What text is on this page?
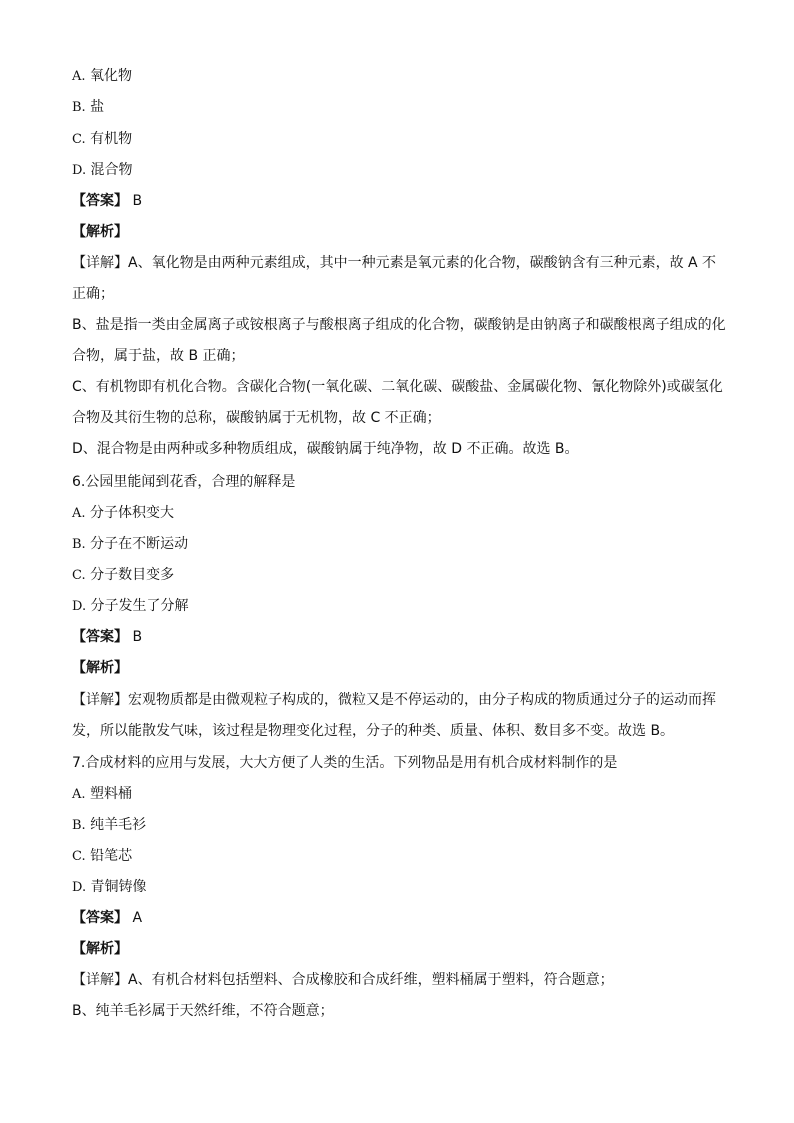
A. 氧化物
B. 盐
C. 有机物
D. 混合物
【答案】 B
【解析】
【详解】A、氧化物是由两种元素组成，其中一种元素是氧元素的化合物，碳酸钠含有三种元素，故 A 不
正确；
B、盐是指一类由金属离子或铵根离子与酸根离子组成的化合物，碳酸钠是由钠离子和碳酸根离子组成的化
合物，属于盐，故 B 正确；
C、有机物即有机化合物。含碳化合物(一氧化碳、二氧化碳、碳酸盐、金属碳化物、氰化物除外)或碳氢化
合物及其衍生物的总称，碳酸钠属于无机物，故 C 不正确；
D、混合物是由两种或多种物质组成，碳酸钠属于纯净物，故 D 不正确。故选 B。
6.公园里能闻到花香，合理的解释是
A. 分子体积变大
B. 分子在不断运动
C. 分子数目变多
D. 分子发生了分解
【答案】 B
【解析】
【详解】宏观物质都是由微观粒子构成的，微粒又是不停运动的，由分子构成的物质通过分子的运动而挥
发，所以能散发气味，该过程是物理变化过程，分子的种类、质量、体积、数目多不变。故选 B。
7.合成材料的应用与发展，大大方便了人类的生活。下列物品是用有机合成材料制作的是
A. 塑料桶
B. 纯羊毛衫
C. 铅笔芯
D. 青铜铸像
【答案】 A
【解析】
【详解】A、有机合材料包括塑料、合成橡胶和合成纤维，塑料桶属于塑料，符合题意；
B、纯羊毛衫属于天然纤维，不符合题意；
